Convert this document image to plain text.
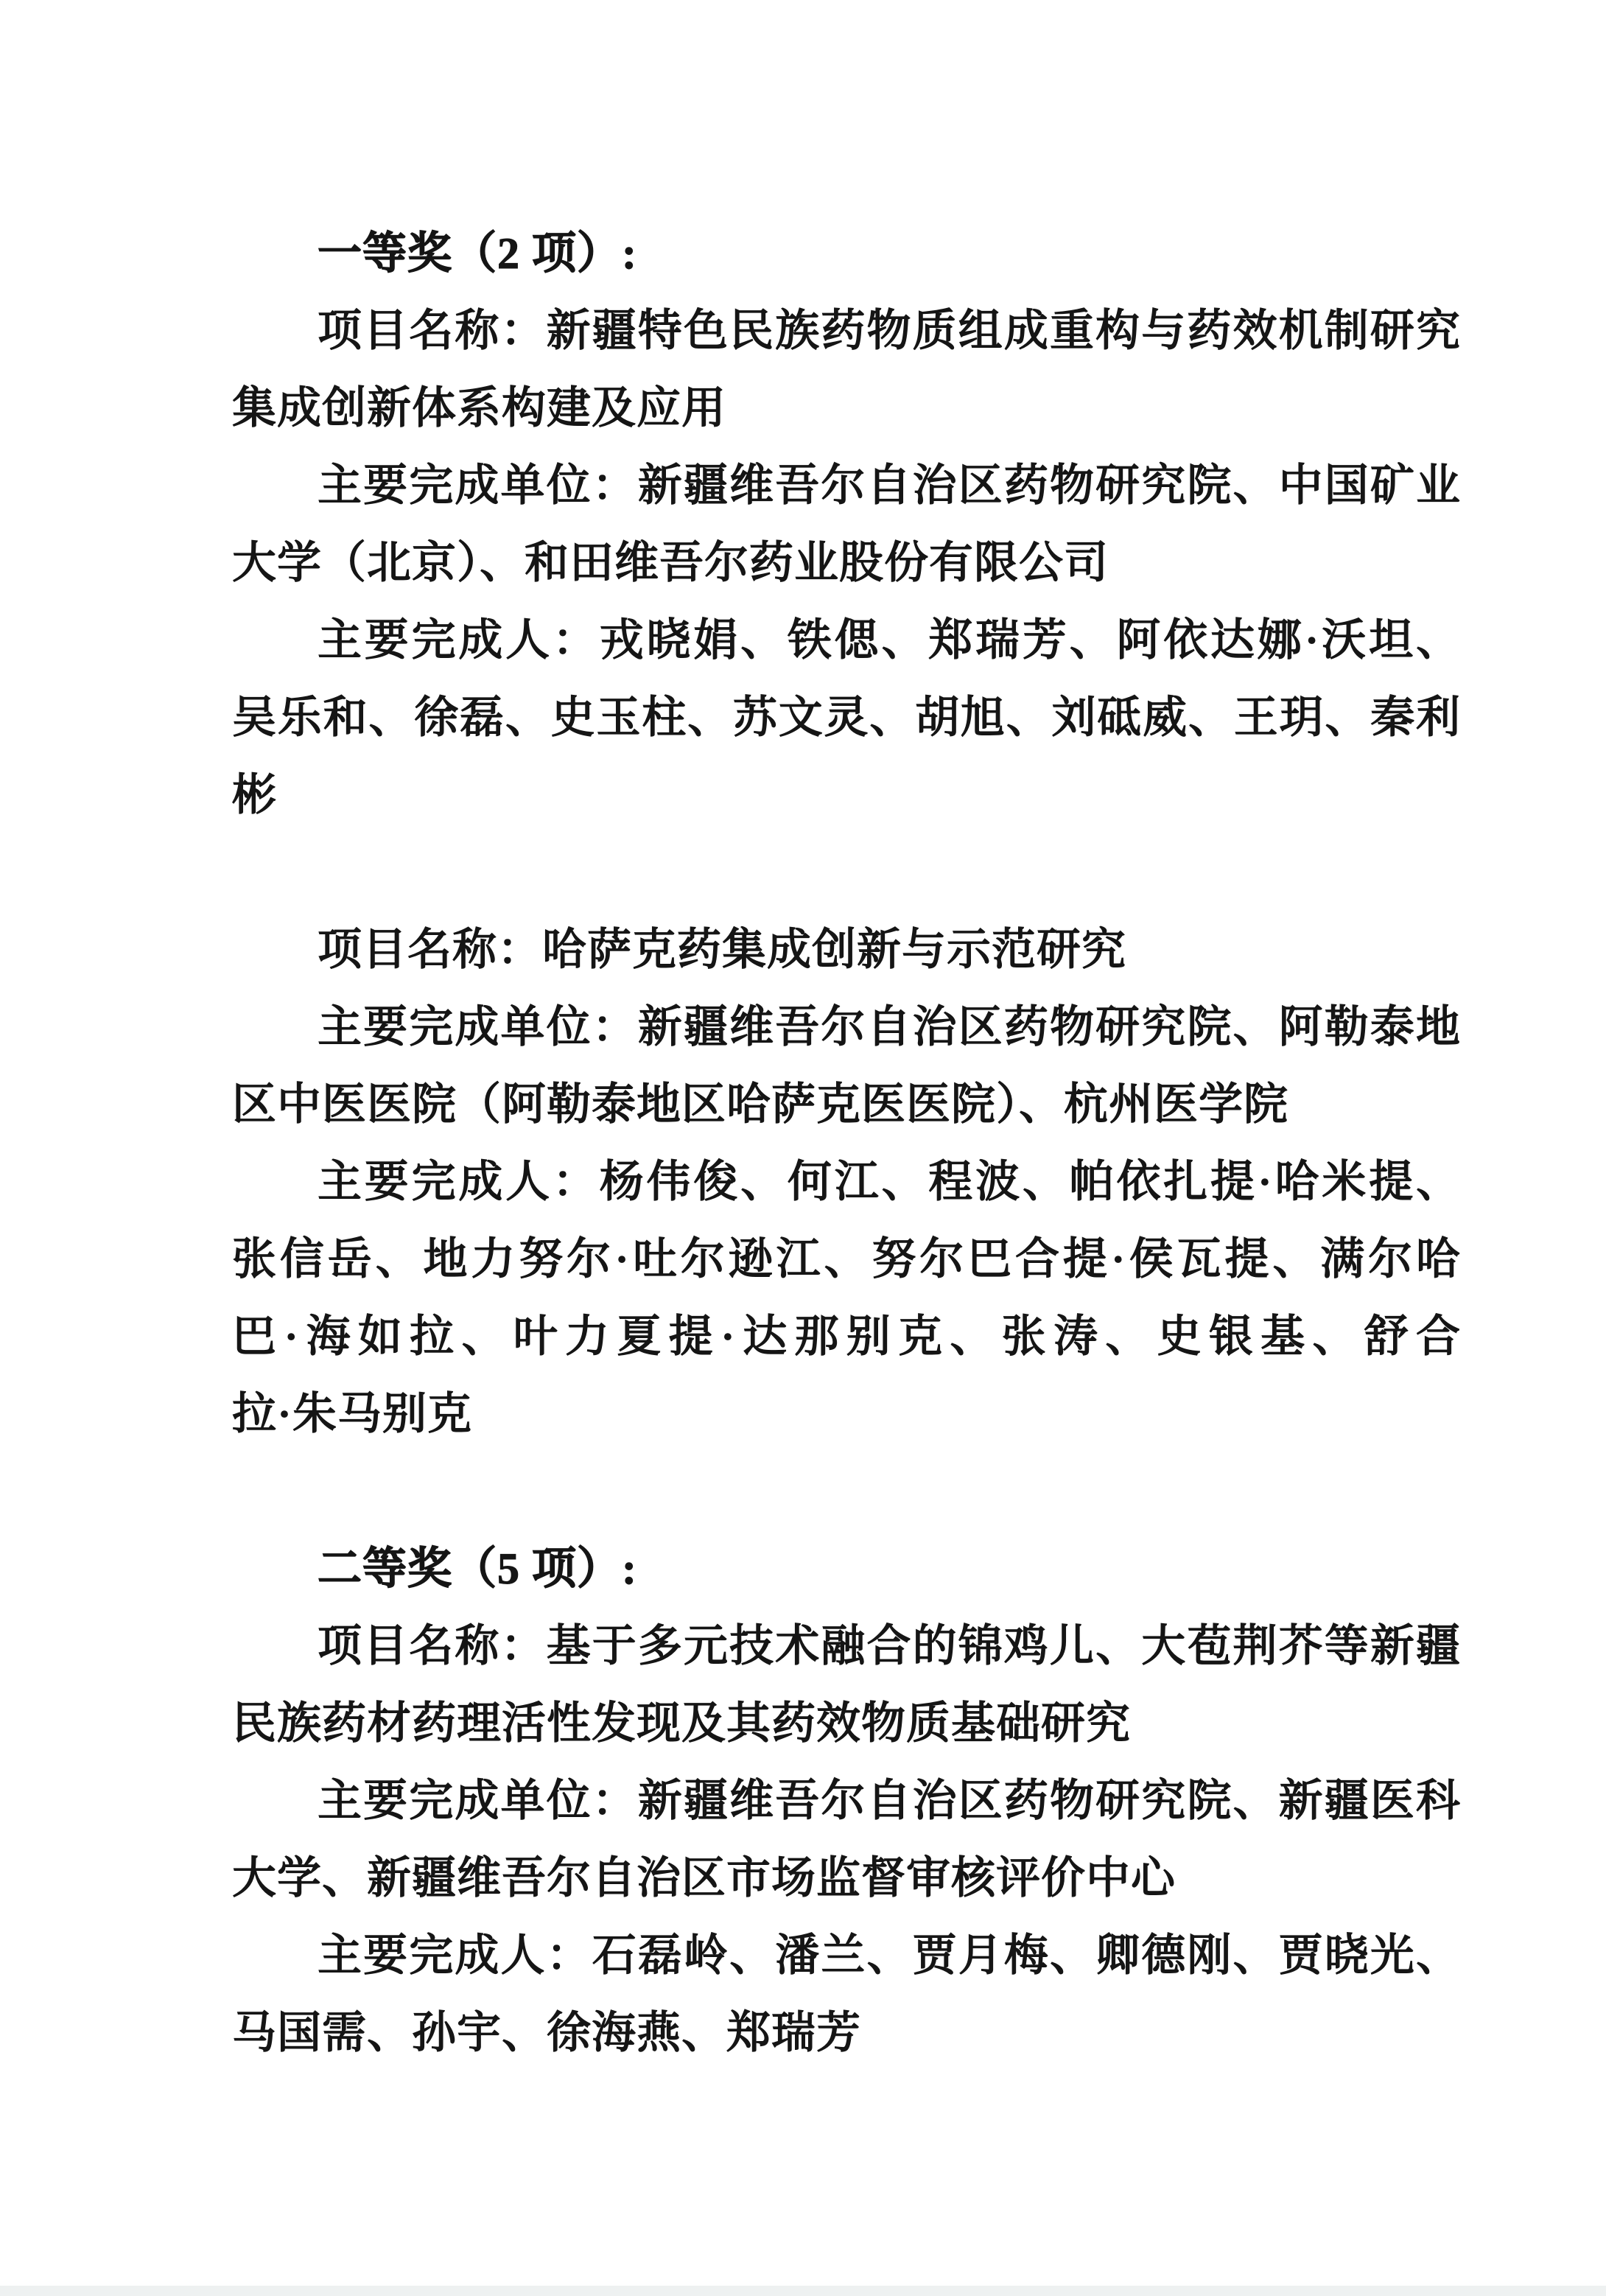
一等奖（2 项）:
项目名称：新疆特色民族药物质组成重构与药效机制研究
集成创新体系构建及应用
主要完成单位：新疆维吾尔自治区药物研究院、中国矿业
大学（北京）、和田维吾尔药业股份有限公司
主要完成人：戎晓娟、铁偲、郑瑞芳、阿依达娜·沃坦、
吴乐和、徐磊、史玉柱、苏文灵、胡旭、刘砥威、王玥、秦利
彬
项目名称：哈萨克药集成创新与示范研究
主要完成单位：新疆维吾尔自治区药物研究院、阿勒泰地
区中医医院（阿勒泰地区哈萨克医医院）、杭州医学院
主要完成人：杨伟俊、何江、程波、帕依扎提·哈米提、
张信岳、地力努尔·吐尔逊江、努尔巴合提·侯瓦提、满尔哈
巴·海如拉、叶力夏提·达那别克、张涛、史银基、舒合
拉·朱马别克
二等奖（5 项）:
项目名称：基于多元技术融合的锦鸡儿、大苞荆芥等新疆
民族药材药理活性发现及其药效物质基础研究
主要完成单位：新疆维吾尔自治区药物研究院、新疆医科
大学、新疆维吾尔自治区市场监督审核评价中心
主要完成人：石磊岭、潘兰、贾月梅、卿德刚、贾晓光、
马国需、孙宇、徐海燕、郑瑞芳
